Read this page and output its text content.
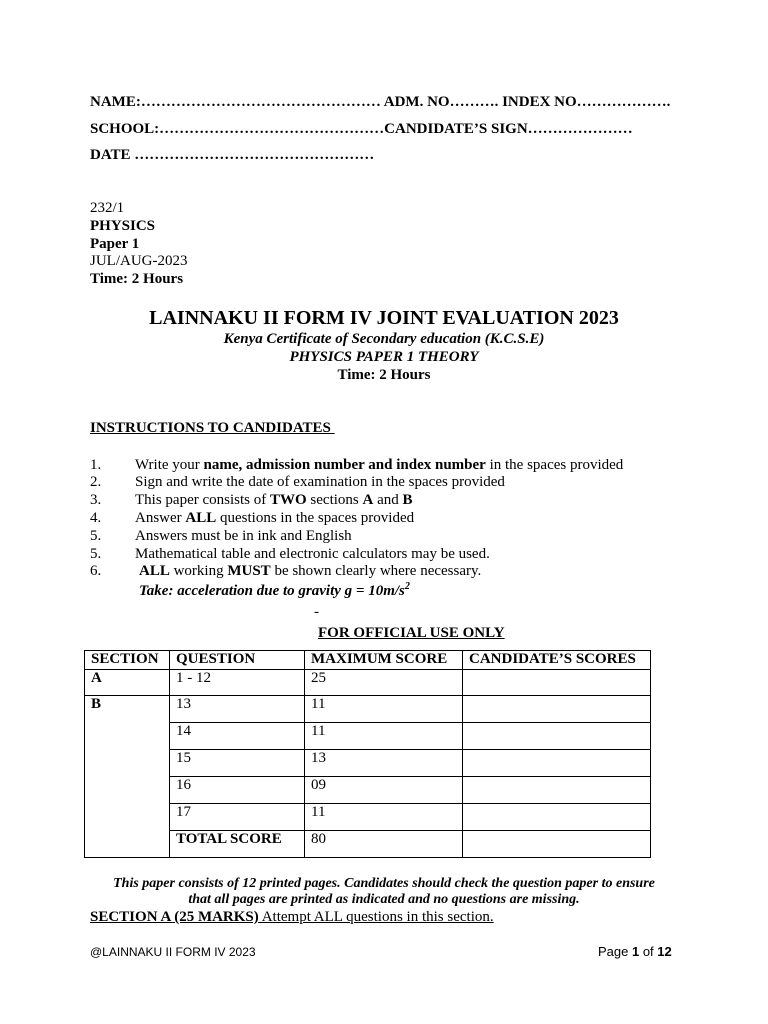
NAME:………………………………………… ADM. NO………. INDEX NO……………….
SCHOOL:………………………………………CANDIDATE’S SIGN…………………
DATE …………………………………………
232/1
PHYSICS
Paper 1
JUL/AUG-2023
Time: 2 Hours
LAINNAKU II FORM IV JOINT EVALUATION 2023
Kenya Certificate of Secondary education (K.C.S.E)
PHYSICS PAPER 1 THEORY
Time: 2 Hours
INSTRUCTIONS TO CANDIDATES
1. Write your name, admission number and index number in the spaces provided
2. Sign and write the date of examination in the spaces provided
3. This paper consists of TWO sections A and B
4. Answer ALL questions in the spaces provided
5. Answers must be in ink and English
5. Mathematical table and electronic calculators may be used.
6.	ALL working MUST be shown clearly where necessary.
Take: acceleration due to gravity $g = 10m/s^2$
-
FOR OFFICIAL USE ONLY
SECTION	QUESTION	MAXIMUM SCORE	CANDIDATE’S SCORES
A	1 - 12	25	
B	13	11	
	14	11	
	15	13	
	16	09	
	17	11	
	TOTAL SCORE	80	
This paper consists of 12 printed pages. Candidates should check the question paper to ensure
that all pages are printed as indicated and no questions are missing.
SECTION A (25 MARKS) Attempt ALL questions in this section.
@LAINNAKU II FORM IV 2023	Page 1 of 12
